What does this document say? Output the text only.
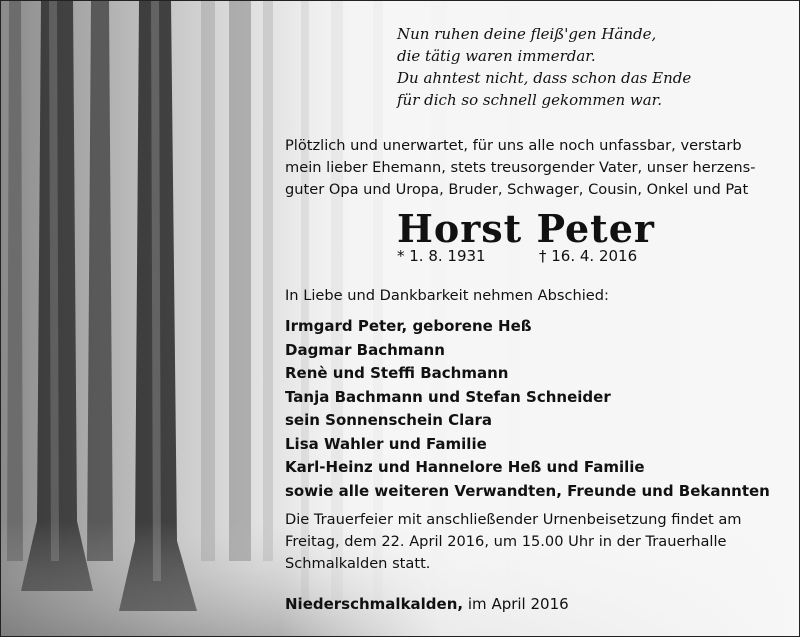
Nun ruhen deine fleiß'gen Hände,
die tätig waren immerdar.
Du ahntest nicht, dass schon das Ende
für dich so schnell gekommen war.
Plötzlich und unerwartet, für uns alle noch unfassbar, verstarb
mein lieber Ehemann, stets treusorgender Vater, unser herzens-
guter Opa und Uropa, Bruder, Schwager, Cousin, Onkel und Pat
Horst Peter
* 1. 8. 1931	† 16. 4. 2016
In Liebe und Dankbarkeit nehmen Abschied:
Irmgard Peter, geborene Heß
Dagmar Bachmann
Renè und Steffi Bachmann
Tanja Bachmann und Stefan Schneider
sein Sonnenschein Clara
Lisa Wahler und Familie
Karl-Heinz und Hannelore Heß und Familie
sowie alle weiteren Verwandten, Freunde und Bekannten
Die Trauerfeier mit anschließender Urnenbeisetzung findet am
Freitag, dem 22. April 2016, um 15.00 Uhr in der Trauerhalle
Schmalkalden statt.
Niederschmalkalden, im April 2016
